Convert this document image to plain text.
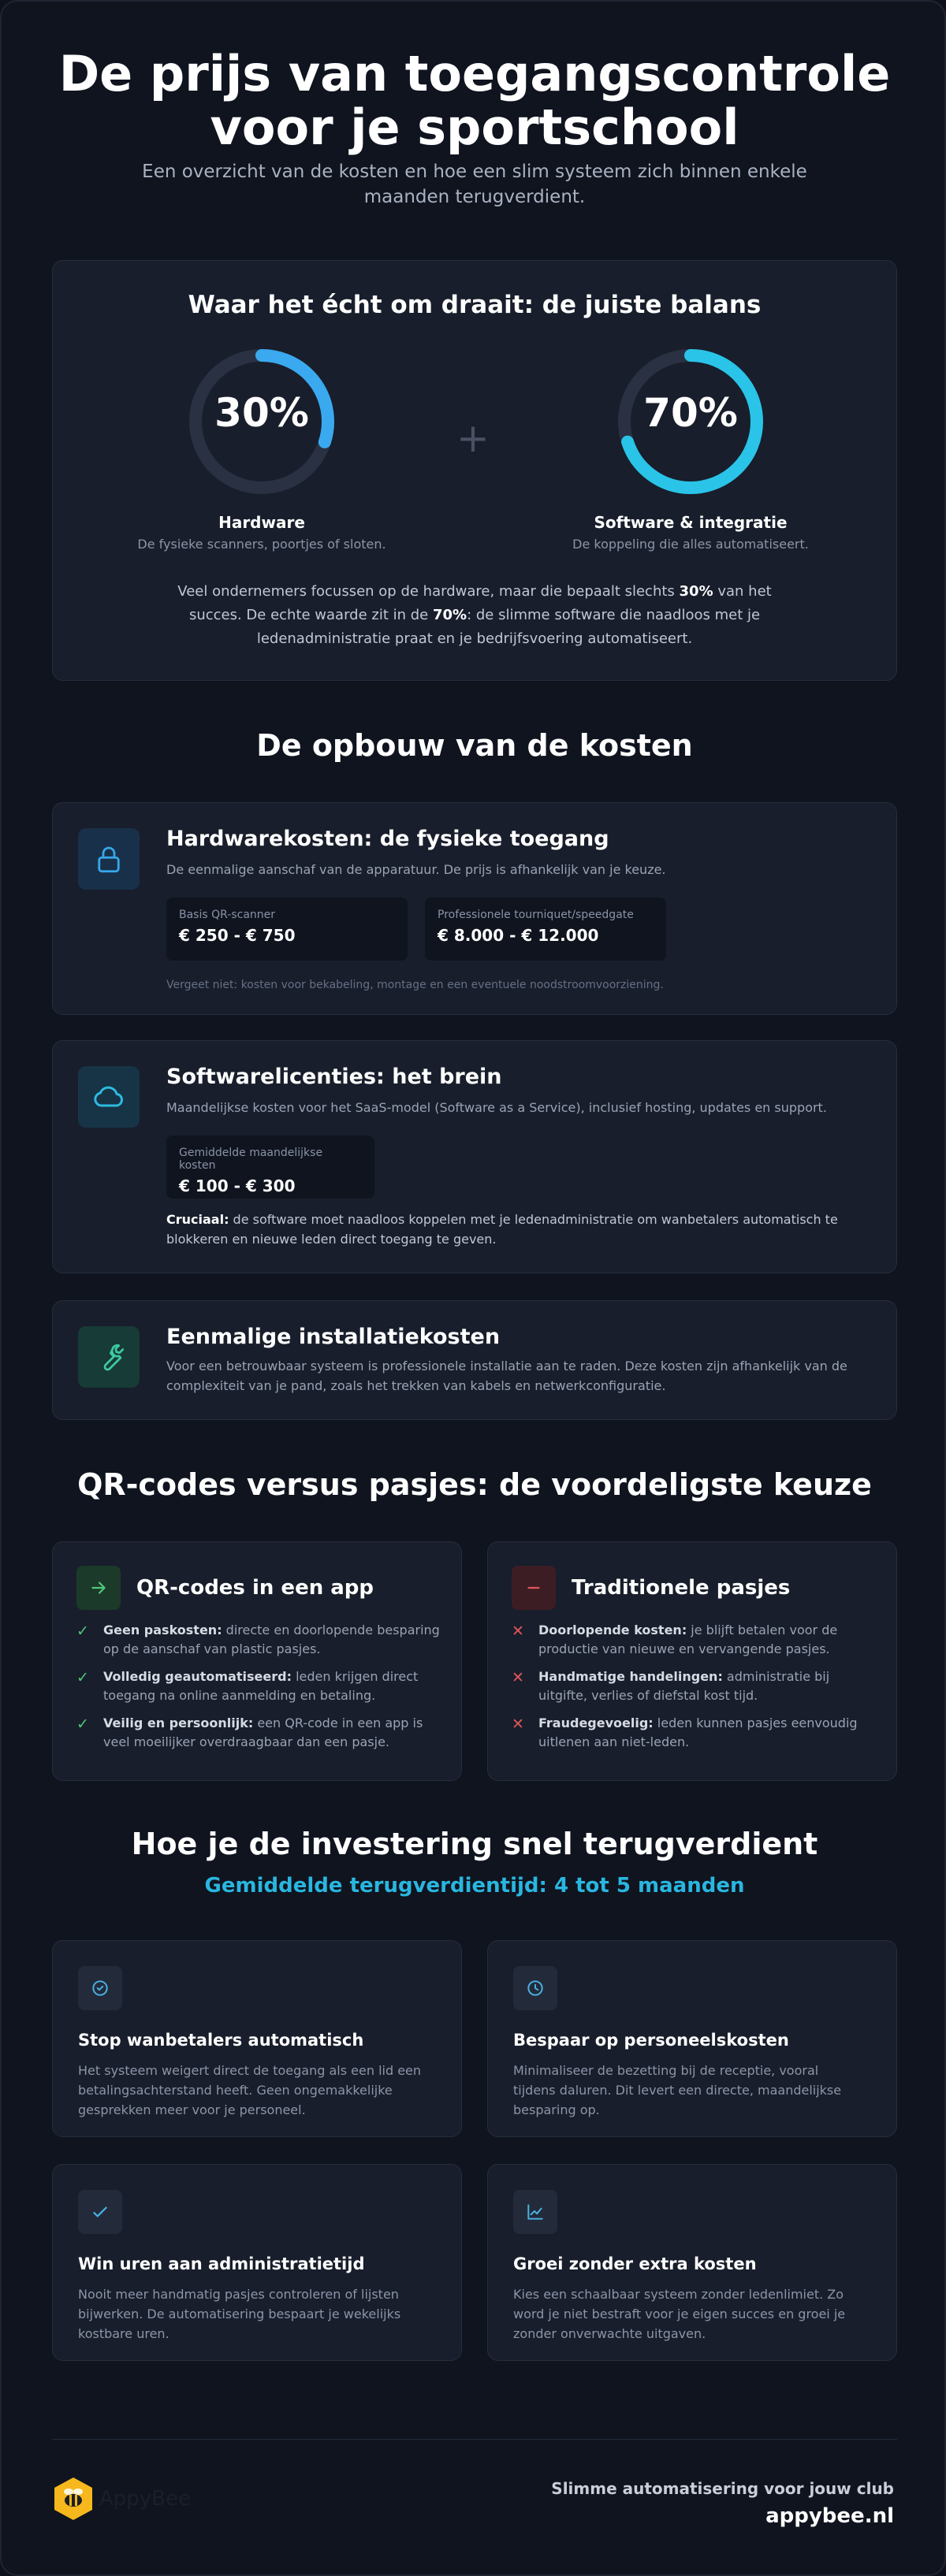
De prijs van toegangscontrole
voor je sportschool
Een overzicht van de kosten en hoe een slim systeem zich binnen enkele maanden terugverdient.
Waar het écht om draait: de juiste balans
30%
Hardware
De fysieke scanners, poortjes of sloten.
+
70%
Software & integratie
De koppeling die alles automatiseert.
Veel ondernemers focussen op de hardware, maar die bepaalt slechts 30% van het succes. De echte waarde zit in de 70%: de slimme software die naadloos met je ledenadministratie praat en je bedrijfsvoering automatiseert.
De opbouw van de kosten
Hardwarekosten: de fysieke toegang
De eenmalige aanschaf van de apparatuur. De prijs is afhankelijk van je keuze.
Basis QR-scanner
€ 250 - € 750
Professionele tourniquet/speedgate
€ 8.000 - € 12.000
Vergeet niet: kosten voor bekabeling, montage en een eventuele noodstroomvoorziening.
Softwarelicenties: het brein
Maandelijkse kosten voor het SaaS-model (Software as a Service), inclusief hosting, updates en support.
Gemiddelde maandelijkse kosten
€ 100 - € 300
Cruciaal: de software moet naadloos koppelen met je ledenadministratie om wanbetalers automatisch te blokkeren en nieuwe leden direct toegang te geven.
Eenmalige installatiekosten
Voor een betrouwbaar systeem is professionele installatie aan te raden. Deze kosten zijn afhankelijk van de complexiteit van je pand, zoals het trekken van kabels en netwerkconfiguratie.
QR-codes versus pasjes: de voordeligste keuze
QR-codes in een app
✓ Geen paskosten: directe en doorlopende besparing op de aanschaf van plastic pasjes.
✓ Volledig geautomatiseerd: leden krijgen direct toegang na online aanmelding en betaling.
✓ Veilig en persoonlijk: een QR-code in een app is veel moeilijker overdraagbaar dan een pasje.
Traditionele pasjes
✕ Doorlopende kosten: je blijft betalen voor de productie van nieuwe en vervangende pasjes.
✕ Handmatige handelingen: administratie bij uitgifte, verlies of diefstal kost tijd.
✕ Fraudegevoelig: leden kunnen pasjes eenvoudig uitlenen aan niet-leden.
Hoe je de investering snel terugverdient
Gemiddelde terugverdientijd: 4 tot 5 maanden
Stop wanbetalers automatisch
Het systeem weigert direct de toegang als een lid een betalingsachterstand heeft. Geen ongemakkelijke gesprekken meer voor je personeel.
Bespaar op personeelskosten
Minimaliseer de bezetting bij de receptie, vooral tijdens daluren. Dit levert een directe, maandelijkse besparing op.
Win uren aan administratietijd
Nooit meer handmatig pasjes controleren of lijsten bijwerken. De automatisering bespaart je wekelijks kostbare uren.
Groei zonder extra kosten
Kies een schaalbaar systeem zonder ledenlimiet. Zo word je niet bestraft voor je eigen succes en groei je zonder onverwachte uitgaven.
AppyBee	Slimme automatisering voor jouw club
appybee.nl
